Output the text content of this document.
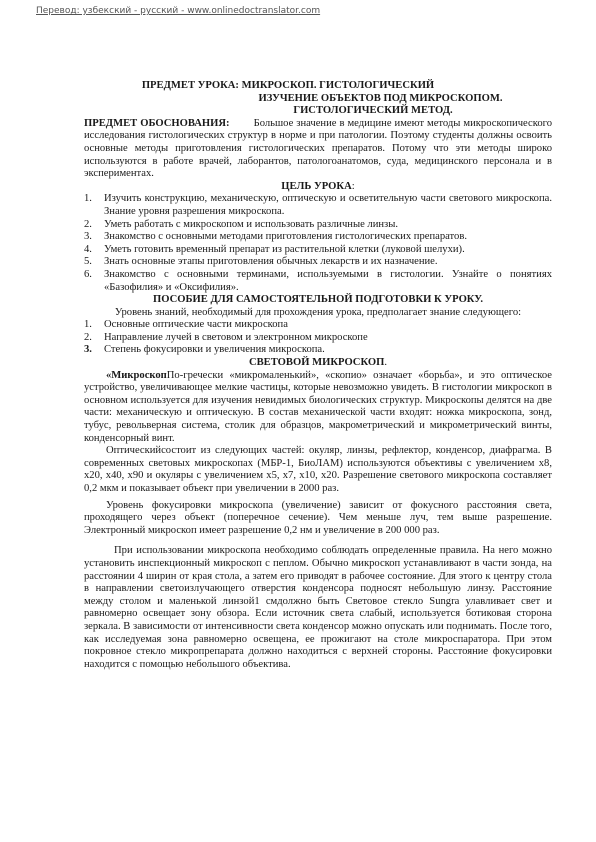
Перевод: узбекский - русский - www.onlinedoctranslator.com

ПРЕДМЕТ УРОКА: МИКРОСКОП. ГИСТОЛОГИЧЕСКИЙ

ИЗУЧЕНИЕ ОБЪЕКТОВ ПОД МИКРОСКОПОМ.

ГИСТОЛОГИЧЕСКИЙ МЕТОД.

ПРЕДМЕТ ОБОСНОВАНИЯ: Большое значение в медицине имеют методы микроскопического исследования гистологических структур в норме и при патологии. Поэтому студенты должны освоить основные методы приготовления гистологических препаратов. Потому что эти методы широко используются в работе врачей, лаборантов, патологоанатомов, суда, медицинского персонала и в экспериментах.

ЦЕЛЬ УРОКА:

1. Изучить конструкцию, механическую, оптическую и осветительную части светового микроскопа. Знание уровня разрешения микроскопа.
2. Уметь работать с микроскопом и использовать различные линзы.
3. Знакомство с основными методами приготовления гистологических препаратов.
4. Уметь готовить временный препарат из растительной клетки (луковой шелухи).
5. Знать основные этапы приготовления обычных лекарств и их назначение.
6. Знакомство с основными терминами, используемыми в гистологии. Узнайте о понятиях «Базофилия» и «Оксифилия».

ПОСОБИЕ ДЛЯ САМОСТОЯТЕЛЬНОЙ ПОДГОТОВКИ К УРОКУ.

Уровень знаний, необходимый для прохождения урока, предполагает знание следующего:

1. Основные оптические части микроскопа
2. Направление лучей в световом и электронном микроскопе
3. Степень фокусировки и увеличения микроскопа.

СВЕТОВОЙ МИКРОСКОП.

«МикроскопПо-гречески «микромаленький», «скопио» означает «борьба», и это оптическое устройство, увеличивающее мелкие частицы, которые невозможно увидеть. В гистологии микроскоп в основном используется для изучения невидимых биологических структур. Микроскопы делятся на две части: механическую и оптическую. В состав механической части входят: ножка микроскопа, зонд, тубус, револьверная система, столик для образцов, макрометрический и микрометрический винты, конденсорный винт.

Оптическийсостоит из следующих частей: окуляр, линзы, рефлектор, конденсор, диафрагма. В современных световых микроскопах (МБР-1, БиоЛАМ) используются объективы с увеличением х8, х20, х40, х90 и окуляры с увеличением х5, х7, х10, х20. Разрешение светового микроскопа составляет 0,2 мкм и показывает объект при увеличении в 2000 раз.

Уровень фокусировки микроскопа (увеличение) зависит от фокусного расстояния света, проходящего через объект (поперечное сечение). Чем меньше луч, тем выше разрешение. Электронный микроскоп имеет разрешение 0,2 нм и увеличение в 200 000 раз.

При использовании микроскопа необходимо соблюдать определенные правила. На него можно установить инспекционный микроскоп с пеплом. Обычно микроскоп устанавливают в части зонда, на расстоянии 4 ширин от края стола, а затем его приводят в рабочее состояние. Для этого к центру стола в направлении светоизлучающего отверстия конденсора подносят небольшую линзу. Расстояние между столом и маленькой линзой1 смдолжно быть Световое стекло Sungra улавливает свет и равномерно освещает зону обзора. Если источник света слабый, используется ботиковая сторона зеркала. В зависимости от интенсивности света конденсор можно опускать или поднимать. После того, как исследуемая зона равномерно освещена, ее прожигают на столе микроспаратора. При этом покровное стекло микропрепарата должно находиться с верхней стороны. Расстояние фокусировки находится с помощью небольшого объектива.
